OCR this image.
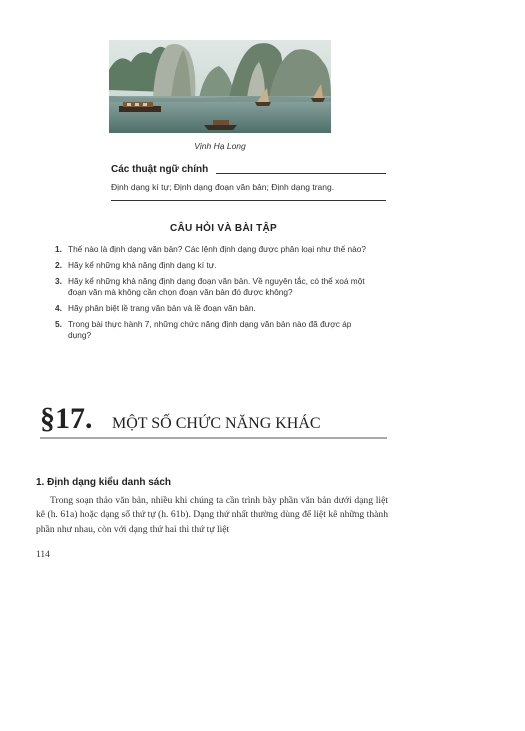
Vịnh Hạ Long
Các thuật ngữ chính
Định dạng kí tự; Định dạng đoạn văn bản; Định dạng trang.
CÂU HỎI VÀ BÀI TẬP
1. Thế nào là định dạng văn bản? Các lệnh định dạng được phân loại như thế nào?
2. Hãy kể những khả năng định dạng kí tự.
3. Hãy kể những khả năng định dạng đoạn văn bản. Về nguyên tắc, có thể xoá một đoạn văn mà không cần chọn đoạn văn bản đó được không?
4. Hãy phân biệt lề trang văn bản và lề đoạn văn bản.
5. Trong bài thực hành 7, những chức năng định dạng văn bản nào đã được áp dụng?
§17. MỘT SỐ CHỨC NĂNG KHÁC
1. Định dạng kiểu danh sách

Trong soạn thảo văn bản, nhiều khi chúng ta cần trình bày phần văn bản dưới dạng liệt kê (h. 61a) hoặc dạng số thứ tự (h. 61b). Dạng thứ nhất thường dùng để liệt kê những thành phần như nhau, còn với dạng thứ hai thì thứ tự liệt

114
